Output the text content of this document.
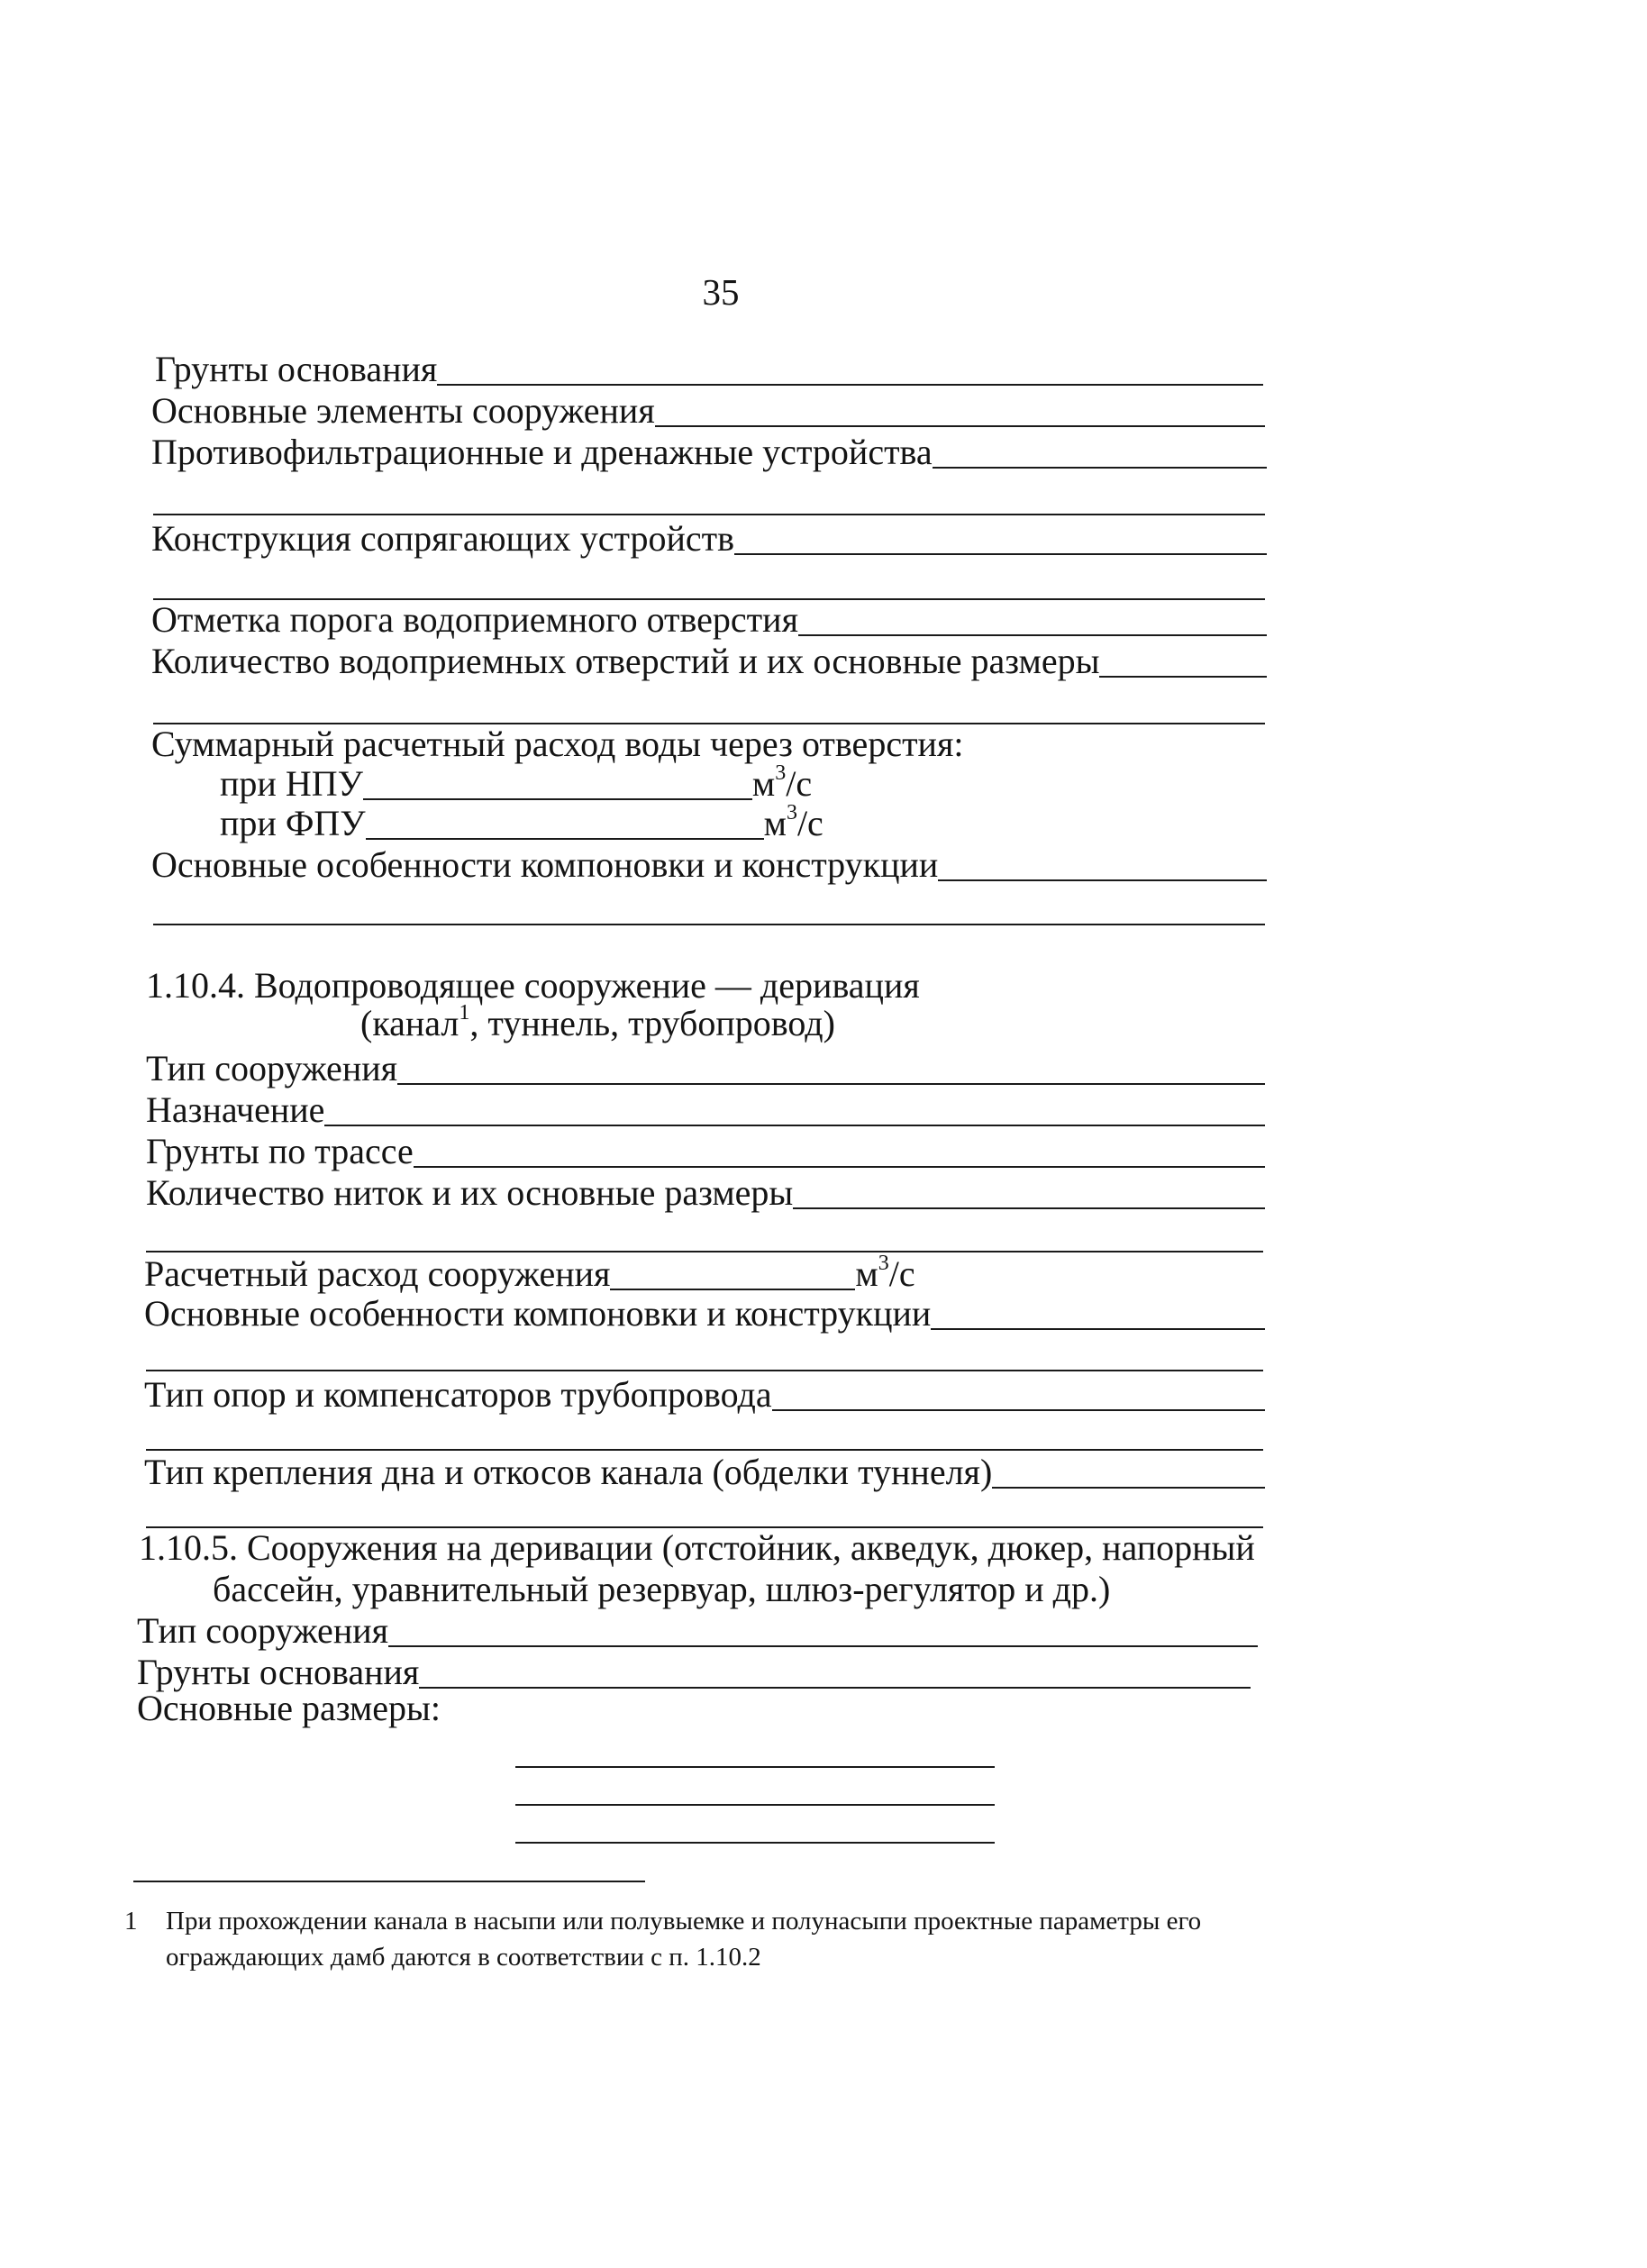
35
Грунты основания
Основные элементы сооружения
Противофильтрационные и дренажные устройства
Конструкция сопрягающих устройств
Отметка порога водоприемного отверстия
Количество водоприемных отверстий и их основные размеры
Суммарный расчетный расход воды через отверстия:
при НПУ	$м^3/с$
при ФПУ	$м^3/с$
Основные особенности компоновки и конструкции
1.10.4. Водопроводящее сооружение — деривация
(канал$^1$, туннель, трубопровод)
Тип сооружения
Назначение
Грунты по трассе
Количество ниток и их основные размеры
Расчетный расход сооружения	$м^3/с$
Основные особенности компоновки и конструкции
Тип опор и компенсаторов трубопровода
Тип крепления дна и откосов канала (обделки туннеля)
1.10.5. Сооружения на деривации (отстойник, акведук, дюкер, напорный
бассейн, уравнительный резервуар, шлюз-регулятор и др.)
Тип сооружения
Грунты основания
Основные размеры:
1 При прохождении канала в насыпи или полувыемке и полунасыпи проектные параметры его ограждающих дамб даются в соответствии с п. 1.10.2
